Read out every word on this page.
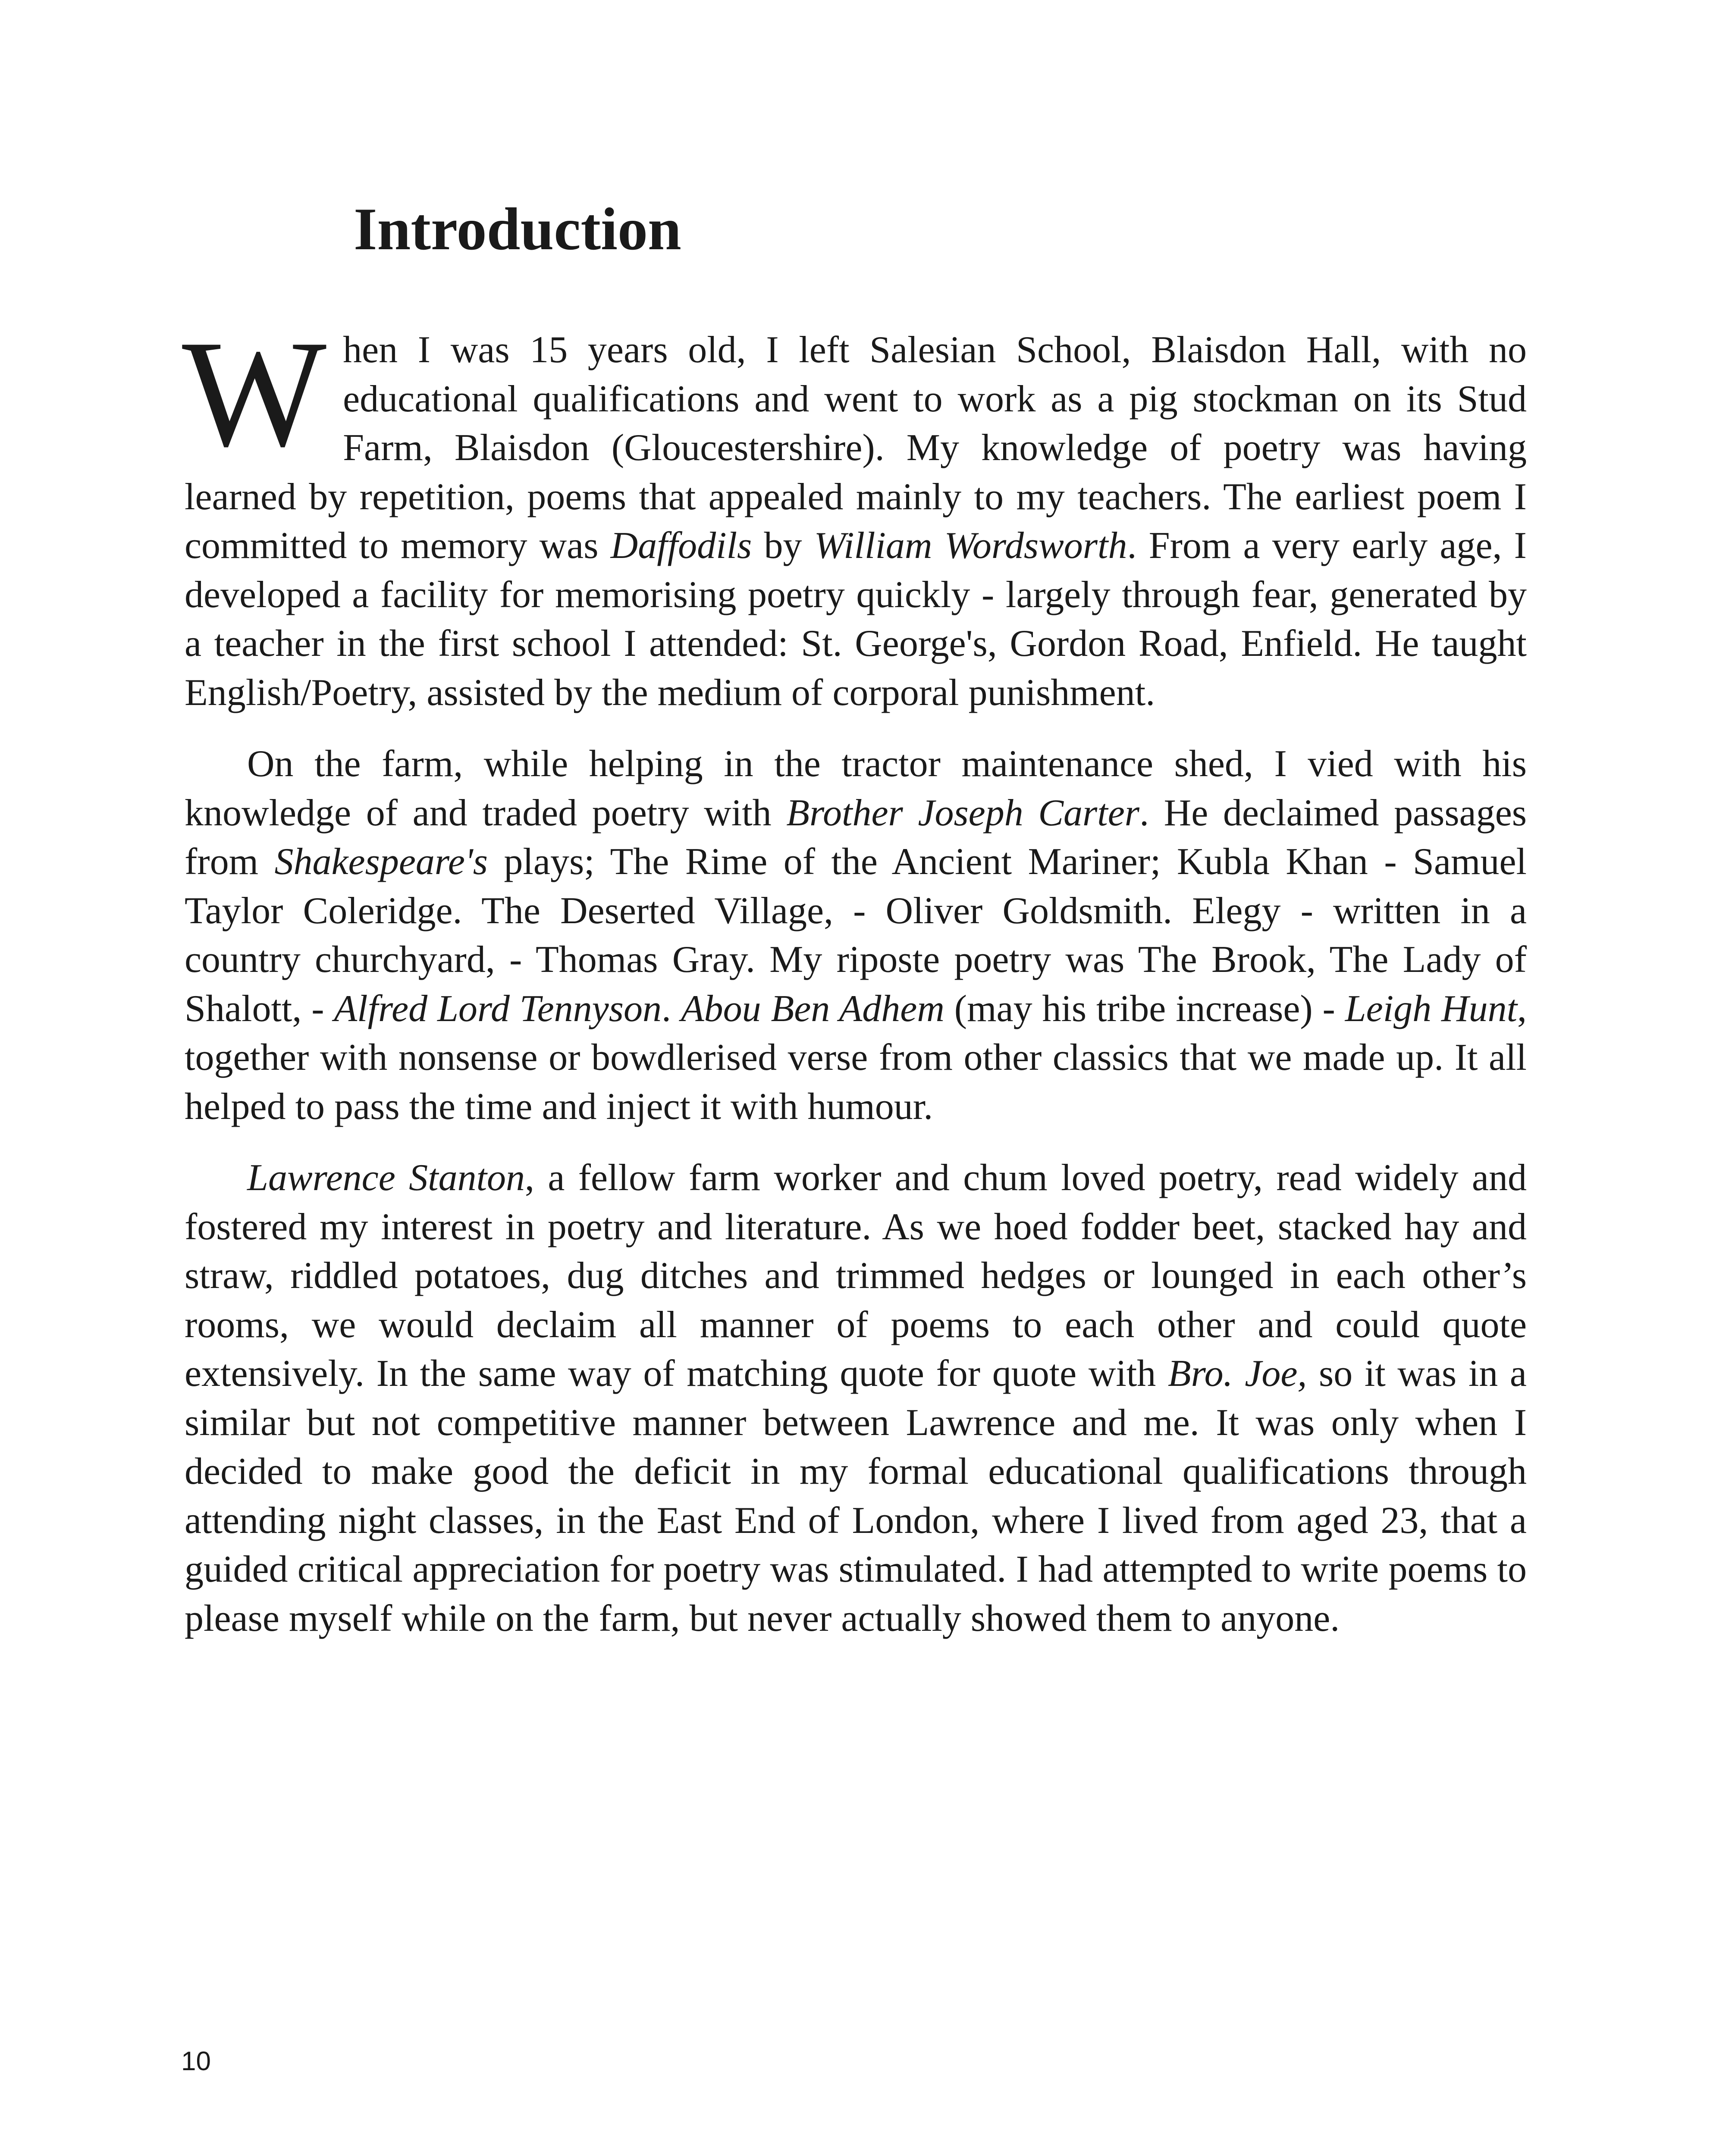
Introduction

When I was 15 years old, I left Salesian School, Blaisdon Hall, with no educational qualifications and went to work as a pig stockman on its Stud Farm, Blaisdon (Gloucestershire). My knowledge of poetry was having learned by repetition, poems that appealed mainly to my teachers. The earliest poem I committed to memory was Daffodils by William Wordsworth. From a very early age, I developed a facility for memorising poetry quickly - largely through fear, generated by a teacher in the first school I attended: St. George's, Gordon Road, Enfield. He taught English/Poetry, assisted by the medium of corporal punishment.

On the farm, while helping in the tractor maintenance shed, I vied with his knowledge of and traded poetry with Brother Joseph Carter. He declaimed passages from Shakespeare's plays; The Rime of the Ancient Mariner; Kubla Khan - Samuel Taylor Coleridge. The Deserted Village, - Oliver Goldsmith. Elegy - written in a country churchyard, - Thomas Gray. My riposte poetry was The Brook, The Lady of Shalott, - Alfred Lord Tennyson. Abou Ben Adhem (may his tribe increase) - Leigh Hunt, together with nonsense or bowdlerised verse from other classics that we made up. It all helped to pass the time and inject it with humour.

Lawrence Stanton, a fellow farm worker and chum loved poetry, read widely and fostered my interest in poetry and literature. As we hoed fodder beet, stacked hay and straw, riddled potatoes, dug ditches and trimmed hedges or lounged in each other’s rooms, we would declaim all manner of poems to each other and could quote extensively. In the same way of matching quote for quote with Bro. Joe, so it was in a similar but not competitive manner between Lawrence and me. It was only when I decided to make good the deficit in my formal educational qualifications through attending night classes, in the East End of London, where I lived from aged 23, that a guided critical appreciation for poetry was stimulated. I had attempted to write poems to please myself while on the farm, but never actually showed them to anyone.

10
